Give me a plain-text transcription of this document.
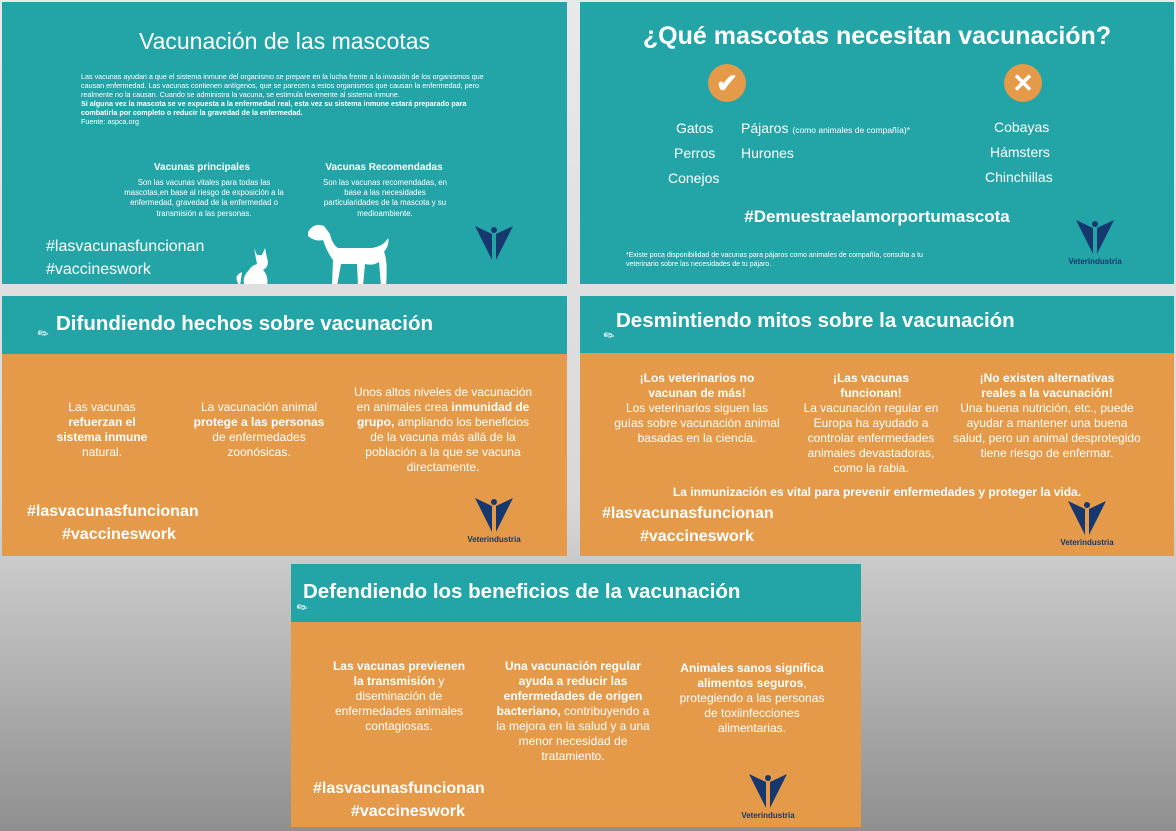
Vacunación de las mascotas
Las vacunas ayudan a que el sistema inmune del organismo se prepare en la lucha frente a la invasión de los organismos que causan enfermedad. Las vacunas contienen antígenos, que se parecen a estos organismos que causan la enfermedad, pero realmente no la causan. Cuando se administra la vacuna, se estimula levemente al sistema inmune.
Si alguna vez la mascota se ve expuesta a la enfermedad real, esta vez su sistema inmune estará preparado para combatirla por completo o reducir la gravedad de la enfermedad.
Fuente: aspca.org
Vacunas principales
Son las vacunas vitales para todas las mascotas,en base al riesgo de exposición a la enfermedad, gravedad de la enfermedad o transmisión a las personas.
Vacunas Recomendadas
Son las vacunas recomendadas, en base a las necesidades particularidades de la mascota y su medioambiente.
#lasvacunasfuncionan
#vaccineswork
¿Qué mascotas necesitan vacunación?
✔	✕
Gatos
Perros
Conejos
Pájaros (como animales de compañía)*
Hurones
Cobayas
Hámsters
Chinchillas
#Demuestraelamorportumascota
*Existe poca disponibilidad de vacunas para pájaros como animales de compañía, consulta a tu veterinario sobre las necesidades de tu pájaro.	Veterindustria
✎ Difundiendo hechos sobre vacunación
Las vacunas refuerzan el sistema inmune natural.
La vacunación animal protege a las personas de enfermedades zoonósicas.
Unos altos niveles de vacunación en animales crea inmunidad de grupo, ampliando los beneficios de la vacuna más allá de la población a la que se vacuna directamente.
#lasvacunasfuncionan
#vaccineswork	Veterindustria
✎
Desmintiendo mitos sobre la vacunación
¡Los veterinarios no vacunan de más!
Los veterinarios siguen las guías sobre vacunación animal basadas en la ciencia.
¡Las vacunas funcionan!
La vacunación regular en Europa ha ayudado a controlar enfermedades animales devastadoras, como la rabia.
¡No existen alternativas reales a la vacunación!
Una buena nutrición, etc., puede ayudar a mantener una buena salud, pero un animal desprotegido tiene riesgo de enfermar.
La inmunización es vital para prevenir enfermedades y proteger la vida.
#lasvacunasfuncionan
#vaccineswork	Veterindustria
✎
Defendiendo los beneficios de la vacunación
Las vacunas previenen la transmisión y diseminación de enfermedades animales contagiosas.
Una vacunación regular ayuda a reducir las enfermedades de origen bacteriano, contribuyendo a la mejora en la salud y a una menor necesidad de tratamiento.
Animales sanos significa alimentos seguros, protegiendo a las personas de toxiinfecciones alimentarias.
#lasvacunasfuncionan
#vaccineswork	Veterindustria
